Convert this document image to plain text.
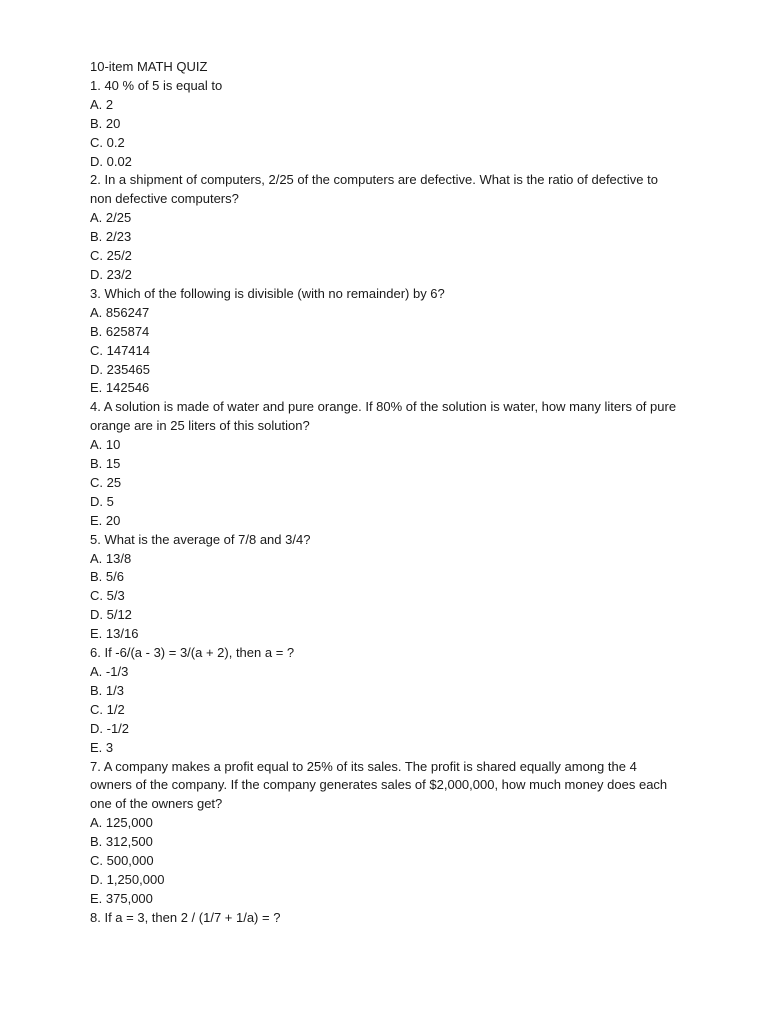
10-item MATH QUIZ
1. 40 % of 5 is equal to
A. 2
B. 20
C. 0.2
D. 0.02
2. In a shipment of computers, 2/25 of the computers are defective. What is the ratio of defective to non defective computers?
A. 2/25
B. 2/23
C. 25/2
D. 23/2
3. Which of the following is divisible (with no remainder) by 6?
A. 856247
B. 625874
C. 147414
D. 235465
E. 142546
4. A solution is made of water and pure orange. If 80% of the solution is water, how many liters of pure orange are in 25 liters of this solution?
A. 10
B. 15
C. 25
D. 5
E. 20
5. What is the average of 7/8 and 3/4?
A. 13/8
B. 5/6
C. 5/3
D. 5/12
E. 13/16
6. If -6/(a - 3) = 3/(a + 2), then a = ?
A. -1/3
B. 1/3
C. 1/2
D. -1/2
E. 3
7. A company makes a profit equal to 25% of its sales. The profit is shared equally among the 4 owners of the company. If the company generates sales of $2,000,000, how much money does each one of the owners get?
A. 125,000
B. 312,500
C. 500,000
D. 1,250,000
E. 375,000
8. If a = 3, then 2 / (1/7 + 1/a) = ?
